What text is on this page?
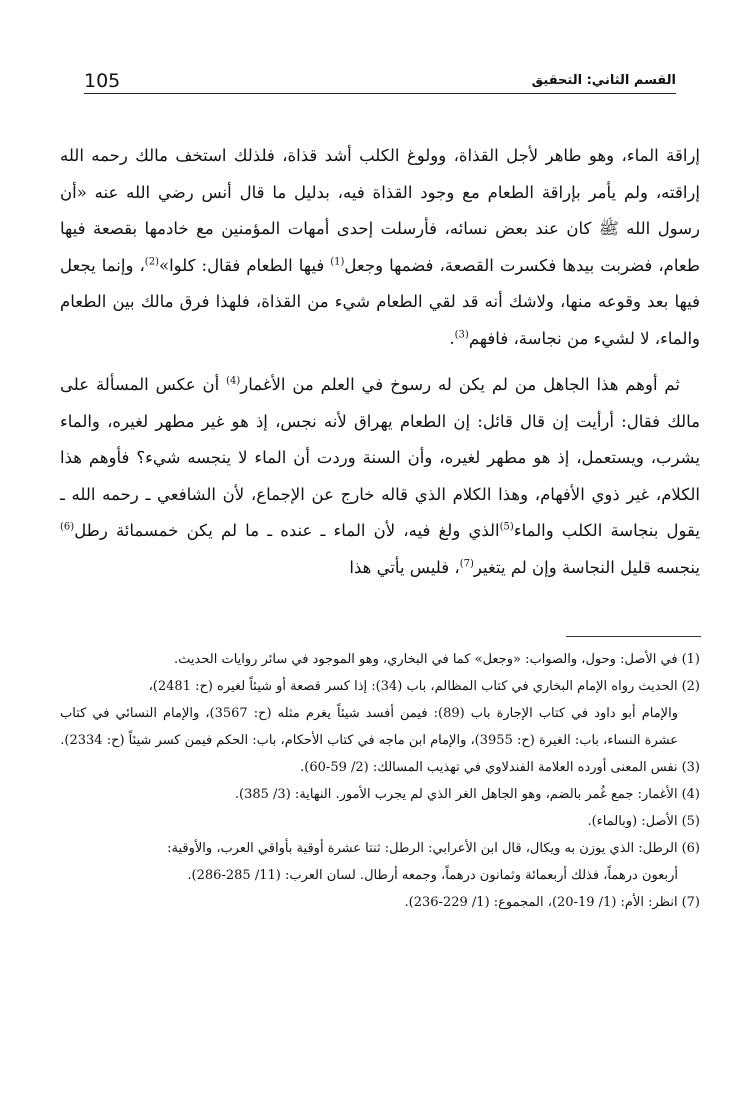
القسم الثاني: التحقيق
105

إراقة الماء، وهو طاهر لأجل القذاة، وولوغ الكلب أشد قذاة، فلذلك استخف مالك رحمه الله إراقته، ولم يأمر بإراقة الطعام مع وجود القذاة فيه، بدليل ما قال أنس رضي الله عنه «أن رسول الله ﷺ كان عند بعض نسائه، فأرسلت إحدى أمهات المؤمنين مع خادمها بقصعة فيها طعام، فضربت بيدها فكسرت القصعة، فضمها وجعل$^{(1)}$ فيها الطعام فقال: كلوا»$^{(2)}$، وإنما يجعل فيها بعد وقوعه منها، ولاشك أنه قد لقي الطعام شيء من القذاة، فلهذا فرق مالك بين الطعام والماء، لا لشيء من نجاسة، فافهم$^{(3)}$.

ثم أوهم هذا الجاهل من لم يكن له رسوخ في العلم من الأغمار$^{(4)}$ أن عكس المسألة على مالك فقال: أرأيت إن قال قائل: إن الطعام يهراق لأنه نجس، إذ هو غير مطهر لغيره، والماء يشرب، ويستعمل، إذ هو مطهر لغيره، وأن السنة وردت أن الماء لا ينجسه شيء؟ فأوهم هذا الكلام، غير ذوي الأفهام، وهذا الكلام الذي قاله خارج عن الإجماع، لأن الشافعي ـ رحمه الله ـ يقول بنجاسة الكلب والماء$^{(5)}$الذي ولغ فيه، لأن الماء ـ عنده ـ ما لم يكن خمسمائة رطل$^{(6)}$ ينجسه قليل النجاسة وإن لم يتغير$^{(7)}$، فليس يأتي هذا

(1)في الأصل: وحول، والصواب: «وجعل» كما في البخاري، وهو الموجود في سائر روايات الحديث.

(2)الحديث رواه الإمام البخاري في كتاب المظالم، باب (34): إذا كسر قصعة أو شيئاً لغيره (ح: 2481)،
والإمام أبو داود في كتاب الإجارة باب (89): فيمن أفسد شيئاً يغرم مثله (ح: 3567)، والإمام النسائي في كتاب عشرة النساء، باب: الغيرة (ح: 3955)، والإمام ابن ماجه في كتاب الأحكام، باب: الحكم فيمن كسر شيئاً (ح: 2334).

(3)نفس المعنى أورده العلامة الفندلاوي في تهذيب المسالك: (2/ 59-60).

(4)الأغمار: جمع غُمر بالضم، وهو الجاهل الغر الذي لم يجرب الأمور. النهاية: (3/ 385).

(5)الأصل: (وبالماء).

(6)الرطل: الذي يوزن به ويكال، قال ابن الأعرابي: الرطل: ثنتا عشرة أوقية بأواقي العرب، والأوقية:
أربعون درهماً، فذلك أربعمائة وثمانون درهماً، وجمعه أرطال. لسان العرب: (11/ 285-286).

(7)انظر: الأم: (1/ 19-20)، المجموع: (1/ 229-236).
